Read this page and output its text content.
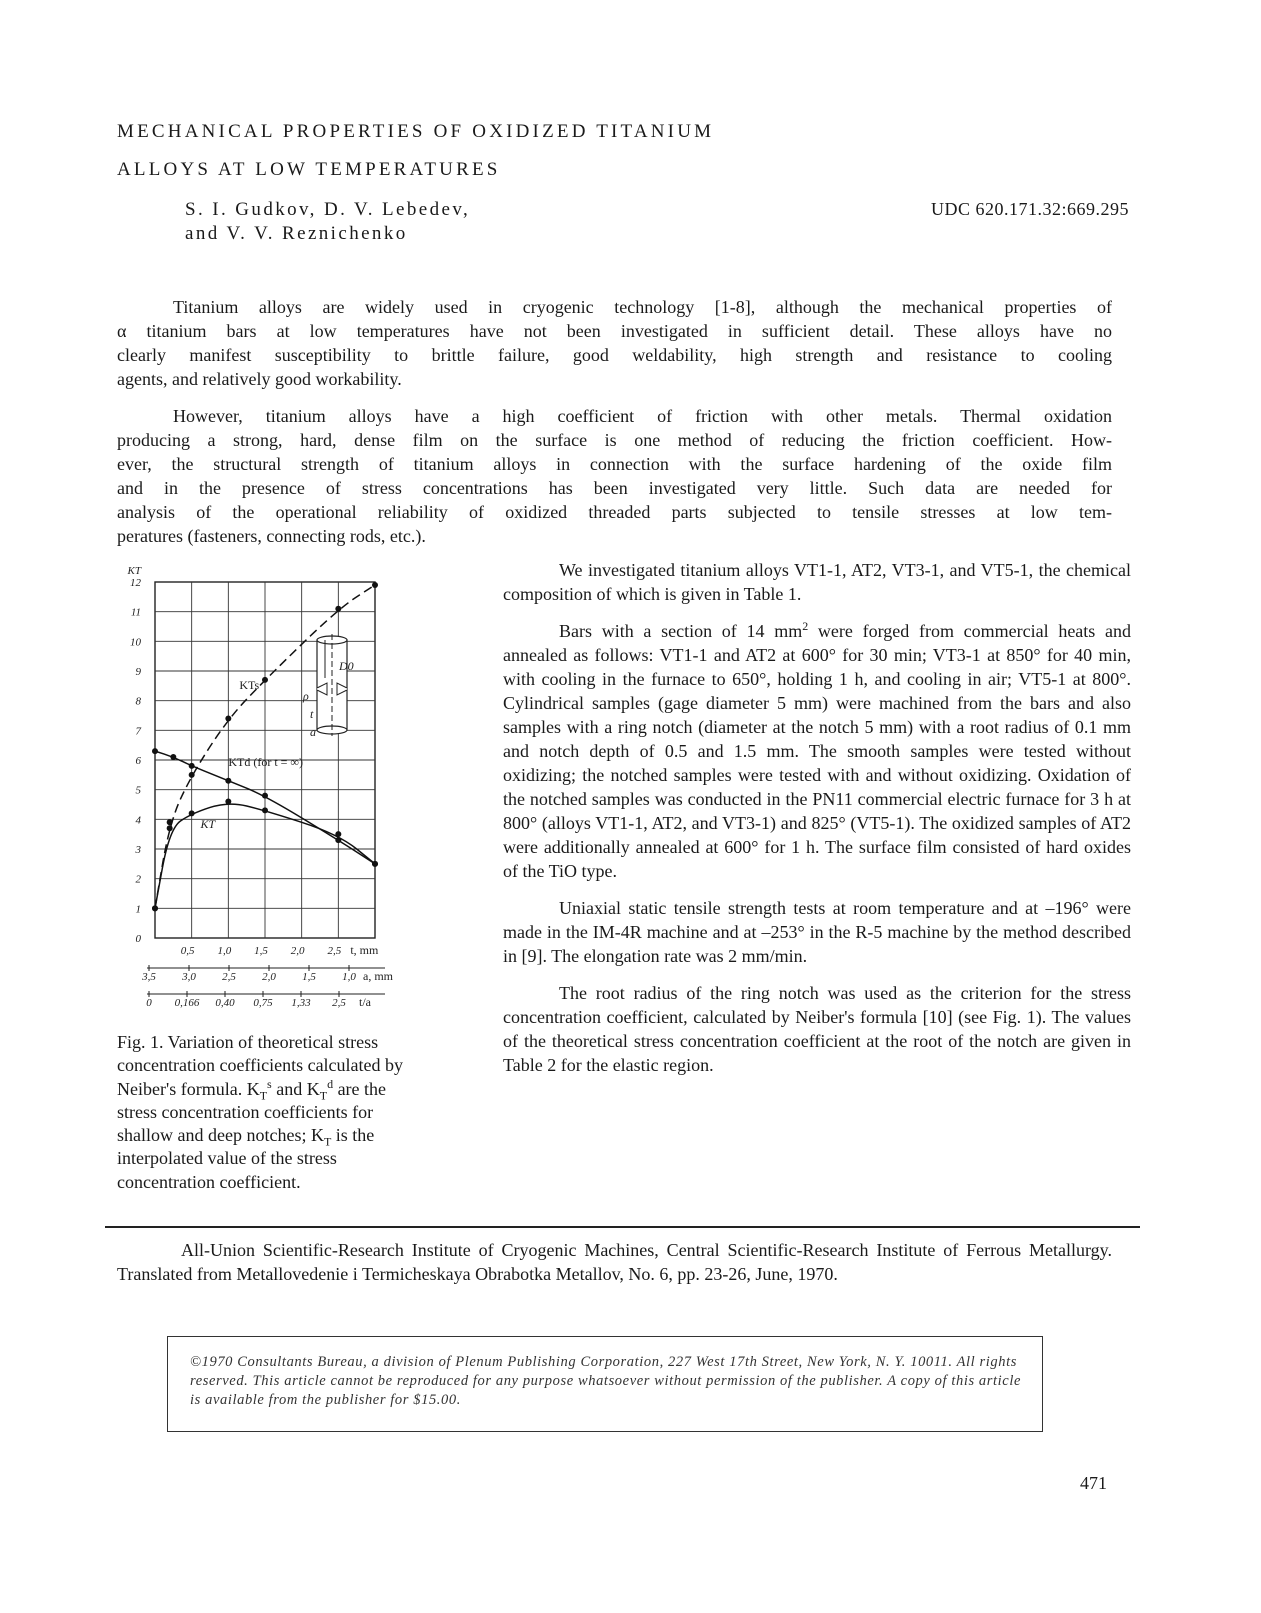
MECHANICAL PROPERTIES OF OXIDIZED TITANIUM
ALLOYS AT LOW TEMPERATURES
S. I. Gudkov, D. V. Lebedev,
and V. V. Reznichenko
UDC 620.171.32:669.295
Titanium alloys are widely used in cryogenic technology [1-8], although the mechanical properties of
α titanium bars at low temperatures have not been investigated in sufficient detail. These alloys have no
clearly manifest susceptibility to brittle failure, good weldability, high strength and resistance to cooling
agents, and relatively good workability.
However, titanium alloys have a high coefficient of friction with other metals. Thermal oxidation
producing a strong, hard, dense film on the surface is one method of reducing the friction coefficient. How-
ever, the structural strength of titanium alloys in connection with the surface hardening of the oxide film
and in the presence of stress concentrations has been investigated very little. Such data are needed for
analysis of the operational reliability of oxidized threaded parts subjected to tensile stresses at low tem-
peratures (fasteners, connecting rods, etc.).
0
1
2
3
4
5
6
7
8
9
10
11
12
KT
0,5 1,0 1,5 2,0 2,5 t, mm
3,5 3,0 2,5 2,0 1,5 1,0 a, mm
0 0,166 0,40 0,75 1,33 2,5 t/a
KTs
KTd (for t = ∞)
KT
D0
ρ
t
a
Fig. 1. Variation of theoretical stress concentration coefficients calculated by Neiber's formula. $K_T^s$ and $K_T^d$ are the stress concentration coefficients for shallow and deep notches; $K_T$ is the interpolated value of the stress concentration coefficient.

We investigated titanium alloys VT1-1, AT2, VT3-1, and VT5-1, the chemical composition of which is given in Table 1.

Bars with a section of 14 $mm^2$ were forged from commercial heats and annealed as follows: VT1-1 and AT2 at 600° for 30 min; VT3-1 at 850° for 40 min, with cooling in the furnace to 650°, holding 1 h, and cooling in air; VT5-1 at 800°. Cylindrical samples (gage diameter 5 mm) were machined from the bars and also samples with a ring notch (diameter at the notch 5 mm) with a root radius of 0.1 mm and notch depth of 0.5 and 1.5 mm. The smooth samples were tested without oxidizing; the notched samples were tested with and without oxidizing. Oxidation of the notched samples was conducted in the PN11 commercial electric furnace for 3 h at 800° (alloys VT1-1, AT2, and VT3-1) and 825° (VT5-1). The oxidized samples of AT2 were additionally annealed at 600° for 1 h. The surface film consisted of hard oxides of the TiO type.

Uniaxial static tensile strength tests at room temperature and at –196° were made in the IM-4R machine and at –253° in the R-5 machine by the method described in [9]. The elongation rate was 2 mm/min.

The root radius of the ring notch was used as the criterion for the stress concentration coefficient, calculated by Neiber's formula [10] (see Fig. 1). The values of the theoretical stress concentration coefficient at the root of the notch are given in Table 2 for the elastic region.

All-Union Scientific-Research Institute of Cryogenic Machines, Central Scientific-Research Institute of Ferrous Metallurgy. Translated from Metallovedenie i Termicheskaya Obrabotka Metallov, No. 6, pp. 23-26, June, 1970.
©1970 Consultants Bureau, a division of Plenum Publishing Corporation, 227 West 17th Street, New York, N. Y. 10011. All rights reserved. This article cannot be reproduced for any purpose whatsoever without permission of the publisher. A copy of this article is available from the publisher for $15.00.
471
